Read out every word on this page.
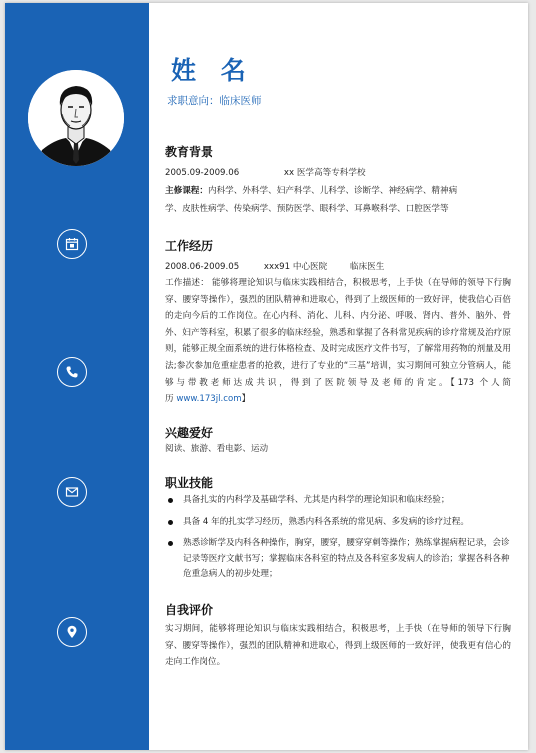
姓 名
求职意向：临床医师
教育背景
2005.09-2009.06	xx 医学高等专科学校
主修课程：内科学、外科学、妇产科学、儿科学、诊断学、神经病学、精神病
学、皮肤性病学、传染病学、预防医学、眼科学、耳鼻喉科学、口腔医学等
工作经历
2008.06-2009.05	xxx91 中心医院	临床医生

工作描述： 能够将理论知识与临床实践相结合，积极思考，上手快（在导师的领导下行胸穿、腰穿等操作），强烈的团队精神和进取心，得到了上级医师的一致好评，使我信心百倍的走向今后的工作岗位。在心内科、消化、儿科、内分泌、呼吸、肾内、普外、脑外、骨外、妇产等科室，积累了很多的临床经验，熟悉和掌握了各科常见疾病的诊疗常规及治疗原则，能够正规全面系统的进行体格检查、及时完成医疗文件书写，了解常用药物的剂量及用法;参次参加危重症患者的抢救，进行了专业的“三基”培训，实习期间可独立分管病人，能够与带教老师达成共识，得到了医院领导及老师的肯定。【173 个人简历 www.173jl.com】

兴趣爱好
阅读、旅游、看电影、运动
职业技能
具备扎实的内科学及基础学科、尤其是内科学的理论知识和临床经验；
具备 4 年的扎实学习经历，熟悉内科各系统的常见病、多发病的诊疗过程。
熟悉诊断学及内科各种操作，胸穿，腰穿，腰穿穿刺等操作；熟练掌握病程记录，会诊记录等医疗文献书写；掌握临床各科室的特点及各科室多发病人的诊治；掌握各科各种危重急病人的初步处理；
自我评价

实习期间，能够将理论知识与临床实践相结合，积极思考，上手快（在导师的领导下行胸穿、腰穿等操作），强烈的团队精神和进取心，得到上级医师的一致好评，使我更有信心的走向工作岗位。
